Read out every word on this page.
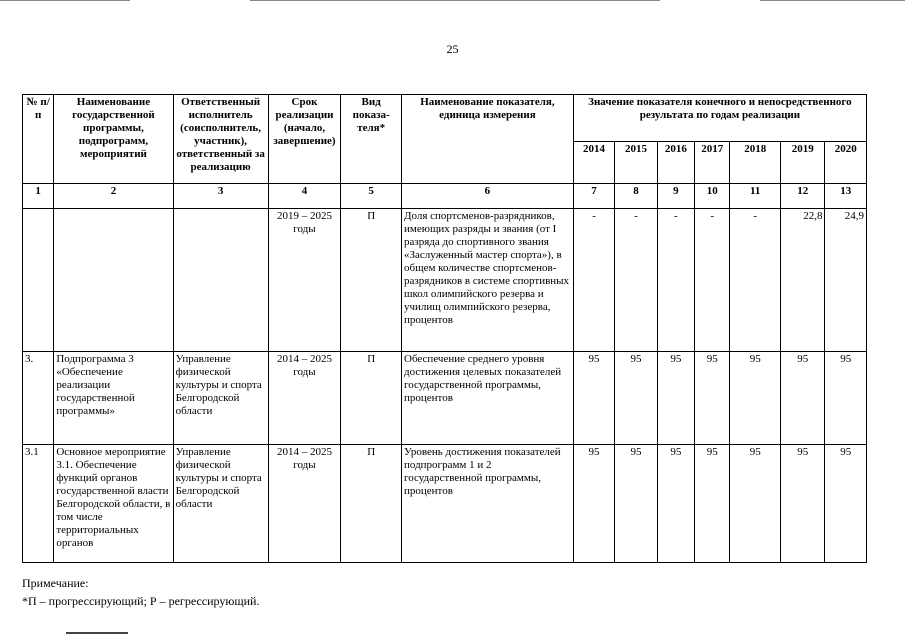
25
№ п/п	Наименование государственной программы, подпрограмм, мероприятий	Ответственный исполнитель (соисполнитель, участник), ответственный за реализацию	Срок реализации (начало, завершение)	Вид показа-теля*	Наименование показателя, единица измерения	Значение показателя конечного и непосредственного результата по годам реализации						
						2014	2015	2016	2017	2018	2019	2020
1	2	3	4	5	6	7	8	9	10	11	12	13
			2019 – 2025 годы	П	Доля спортсменов-разрядников, имеющих разряды и звания (от I разряда до спортивного звания «Заслуженный мастер спорта»), в общем количестве спортсменов-разрядников в системе спортивных школ олимпийского резерва и училищ олимпийского резерва, процентов	-	-	-	-	-	22,8	24,9
3.	Подпрограмма 3 «Обеспечение реализации государственной программы»	Управление физической культуры и спорта Белгородской области	2014 – 2025 годы	П	Обеспечение среднего уровня достижения целевых показателей государственной программы, процентов	95	95	95	95	95	95	95
3.1	Основное мероприятие 3.1. Обеспечение функций органов государственной власти Белгородской области, в том числе территориальных органов	Управление физической культуры и спорта Белгородской области	2014 – 2025 годы	П	Уровень достижения показателей подпрограмм 1 и 2 государственной программы, процентов	95	95	95	95	95	95	95
Примечание:
*П – прогрессирующий; Р – регрессирующий.
